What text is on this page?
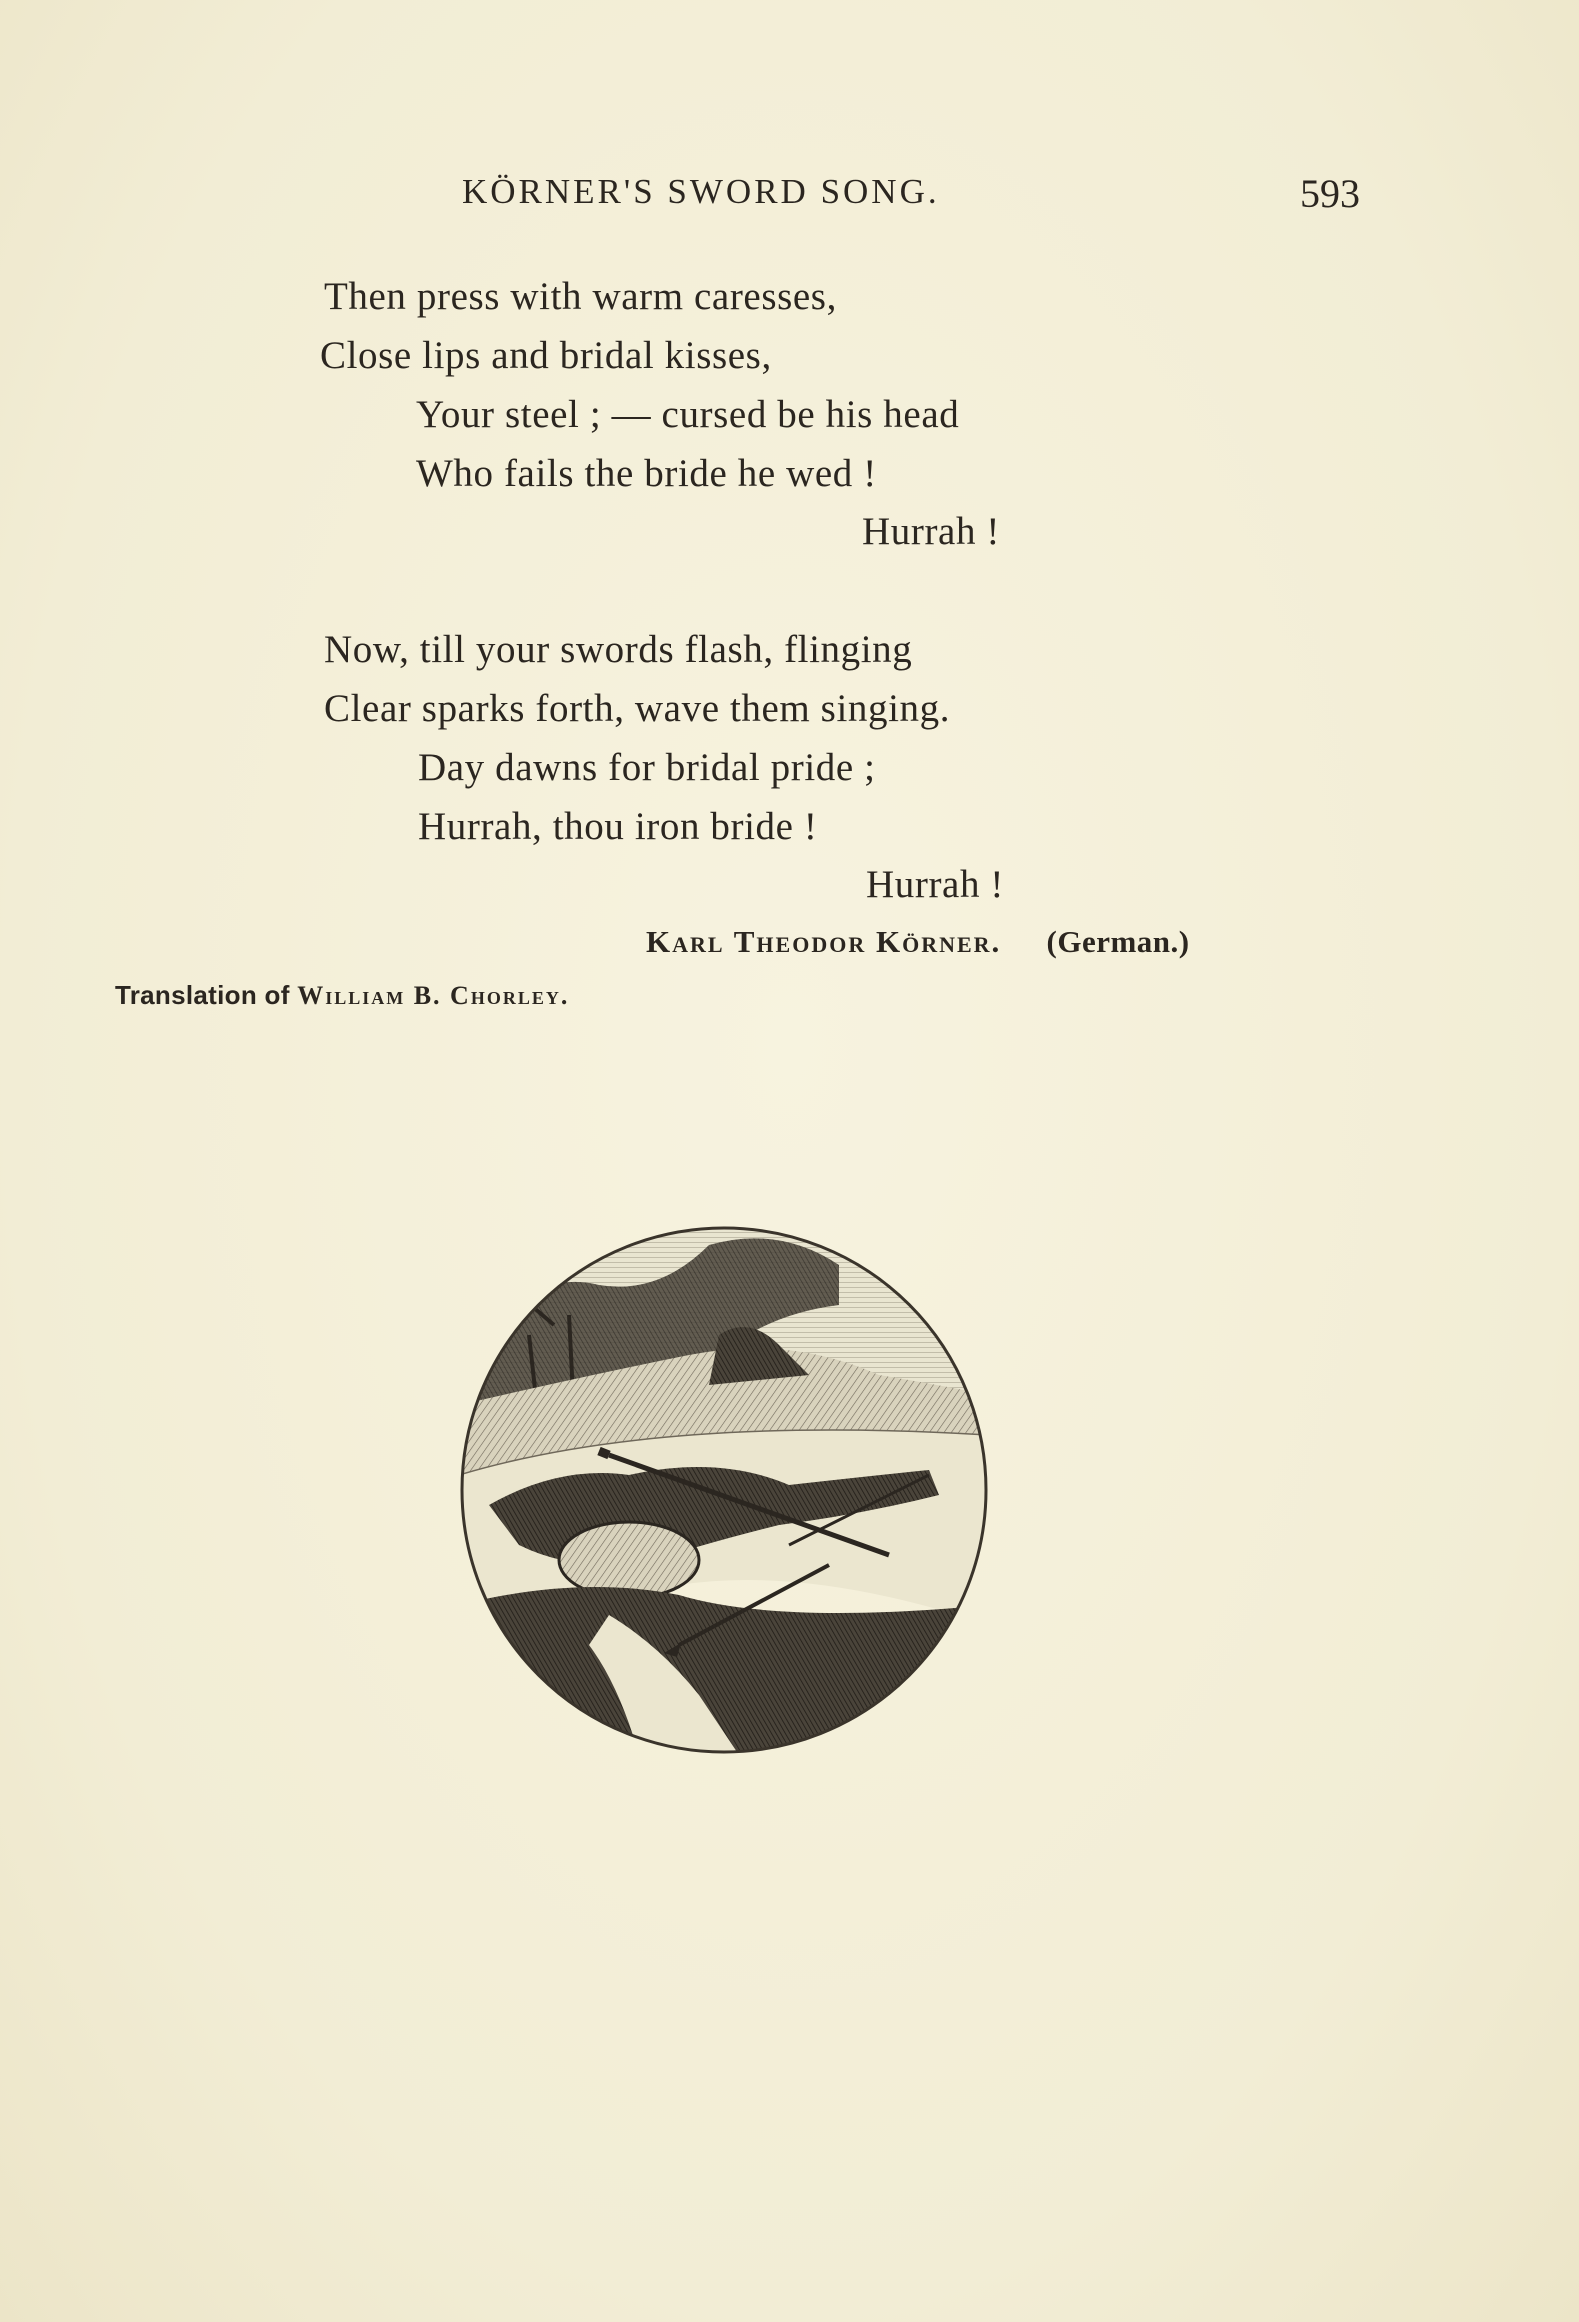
KÖRNER'S SWORD SONG.	593
Then press with warm caresses,
Close lips and bridal kisses,
Your steel ; — cursed be his head
Who fails the bride he wed !
Hurrah !
Now, till your swords flash, flinging
Clear sparks forth, wave them singing.
Day dawns for bridal pride ;
Hurrah, thou iron bride !
Hurrah !
Karl Theodor Körner. (German.)
Translation of William B. Chorley.
